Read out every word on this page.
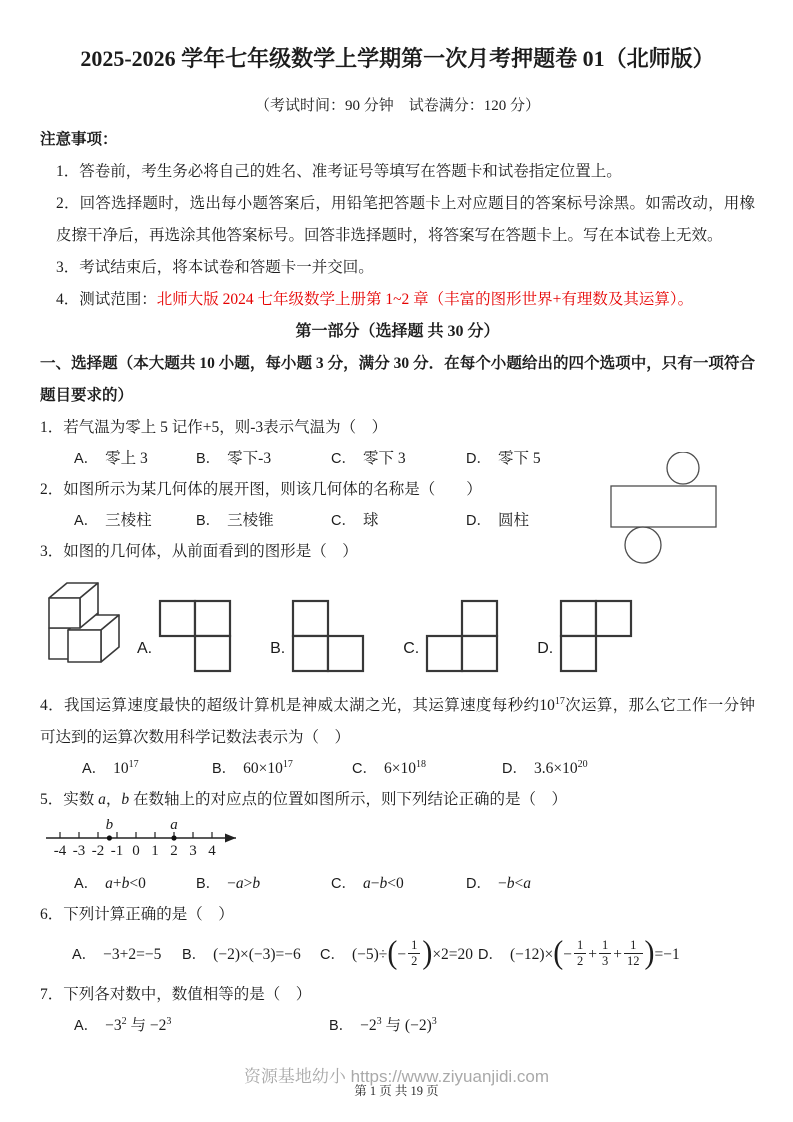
2025-2026 学年七年级数学上学期第一次月考押题卷 01（北师版）
（考试时间：90 分钟　试卷满分：120 分）
注意事项：
1．答卷前，考生务必将自己的姓名、准考证号等填写在答题卡和试卷指定位置上。
2．回答选择题时，选出每小题答案后，用铅笔把答题卡上对应题目的答案标号涂黑。如需改动，用橡皮擦干净后，再选涂其他答案标号。回答非选择题时，将答案写在答题卡上。写在本试卷上无效。
3．考试结束后，将本试卷和答题卡一并交回。
4．测试范围：北师大版 2024 七年级数学上册第 1~2 章（丰富的图形世界+有理数及其运算）。
第一部分（选择题 共 30 分）
一、选择题（本大题共 10 小题，每小题 3 分，满分 30 分．在每个小题给出的四个选项中，只有一项符合题目要求的）
1．若气温为零上 5 记作+5，则-3表示气温为（　）
A． 零上 3	B． 零下-3	C． 零下 3	D． 零下 5
2．如图所示为某几何体的展开图，则该几何体的名称是（　　）
A． 三棱柱	B． 三棱锥	C． 球	D． 圆柱
3．如图的几何体，从前面看到的图形是（　）
A.	B.	C.	D.
4．我国运算速度最快的超级计算机是神威太湖之光，其运算速度每秒约$10^{17}$次运算，那么它工作一分钟可达到的运算次数用科学记数法表示为（　）
A． $10^{17}$	B． $60\times 10^{17}$	C． $6\times 10^{18}$	D． $3.6\times 10^{20}$
5．实数 a，b 在数轴上的对应点的位置如图所示，则下列结论正确的是（　）
-4 -3 -2 -1 0 1 2 3 4
b	a
A． a+b<0	B． −a>b	C． a−b<0	D． −b<a
6．下列计算正确的是（　）
A． −3+2=−5 B． (−2)×(−3)=−6 C． $(-5)\div(- \frac{1}{2} )\times 2=20$ D． $(-12)\times(- \frac{1}{2} + \frac{1}{3} + \frac{1}{12} )=-1$
7．下列各对数中，数值相等的是（　）
A． $-3^2$ 与 $-2^3$	B． $-2^3$ 与 $(-2)^3$
资源基地幼小 https://www.ziyuanjidi.com
第 1 页 共 19 页
